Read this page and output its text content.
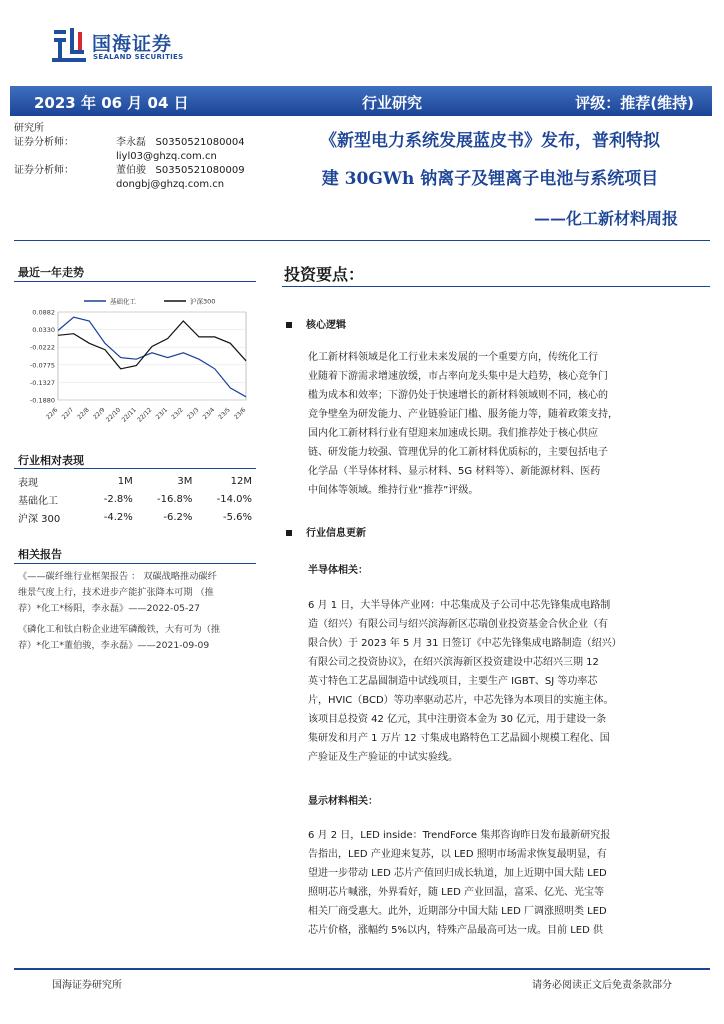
国海证券
SEALAND SECURITIES
2023 年 06 月 04 日	行业研究	评级：推荐(维持)
研究所
证券分析师：	李永磊 S0350521080004
liyl03@ghzq.com.cn
证券分析师：	董伯骏 S0350521080009
dongbj@ghzq.com.cn
《新型电力系统发展蓝皮书》发布，普利特拟
建 30GWh 钠离子及锂离子电池与系统项目
——化工新材料周报
最近一年走势
0.0882
0.0330
-0.0222
-0.0775
-0.1327
-0.1880
22/6 22/7 22/8 22/9
22/10
22/11
22/12 23/1 23/2 23/3 23/4 23/5 23/6
基础化工	沪深300
行业相对表现
表现	1M	3M	12M
基础化工	-2.8%	-16.8%	-14.0%
沪深 300	-4.2%	-6.2%	-5.6%
相关报告
《——碳纤维行业框架报告 ： 双碳战略推动碳纤
维景气度上行，技术进步产能扩张降本可期 （推
荐）*化工*杨阳，李永磊》——2022-05-27
《磷化工和钛白粉企业进军磷酸铁，大有可为（推
荐）*化工*董伯骏，李永磊》——2021-09-09
投资要点：
核心逻辑
化工新材料领域是化工行业未来发展的一个重要方向，传统化工行
业随着下游需求增速放缓，市占率向龙头集中是大趋势，核心竞争门
槛为成本和效率；下游仍处于快速增长的新材料领域则不同，核心的
竞争壁垒为研发能力、产业链验证门槛、服务能力等，随着政策支持，
国内化工新材料行业有望迎来加速成长期。我们推荐处于核心供应
链、研发能力较强、管理优异的化工新材料优质标的，主要包括电子
化学品（半导体材料、显示材料、5G 材料等）、新能源材料、医药
中间体等领域。维持行业“推荐”评级。
行业信息更新
半导体相关：
6 月 1 日，大半导体产业网：中芯集成及子公司中芯先锋集成电路制
造（绍兴）有限公司与绍兴滨海新区芯瑞创业投资基金合伙企业（有
限合伙）于 2023 年 5 月 31 日签订《中芯先锋集成电路制造（绍兴）
有限公司之投资协议》，在绍兴滨海新区投资建设中芯绍兴三期 12
英寸特色工艺晶圆制造中试线项目，主要生产 IGBT、SJ 等功率芯
片，HVIC（BCD）等功率驱动芯片，中芯先锋为本项目的实施主体。
该项目总投资 42 亿元，其中注册资本金为 30 亿元，用于建设一条
集研发和月产 1 万片 12 寸集成电路特色工艺晶圆小规模工程化、国
产验证及生产验证的中试实验线。
显示材料相关：
6 月 2 日，LED inside：TrendForce 集邦咨询昨日发布最新研究报
告指出，LED 产业迎来复苏，以 LED 照明市场需求恢复最明显，有
望进一步带动 LED 芯片产值回归成长轨道，加上近期中国大陆 LED
照明芯片喊涨，外界看好，随 LED 产业回温，富采、亿光、光宝等
相关厂商受惠大。此外，近期部分中国大陆 LED 厂调涨照明类 LED
芯片价格，涨幅约 5%以内，特殊产品最高可达一成。目前 LED 供
国海证券研究所	请务必阅读正文后免责条款部分
